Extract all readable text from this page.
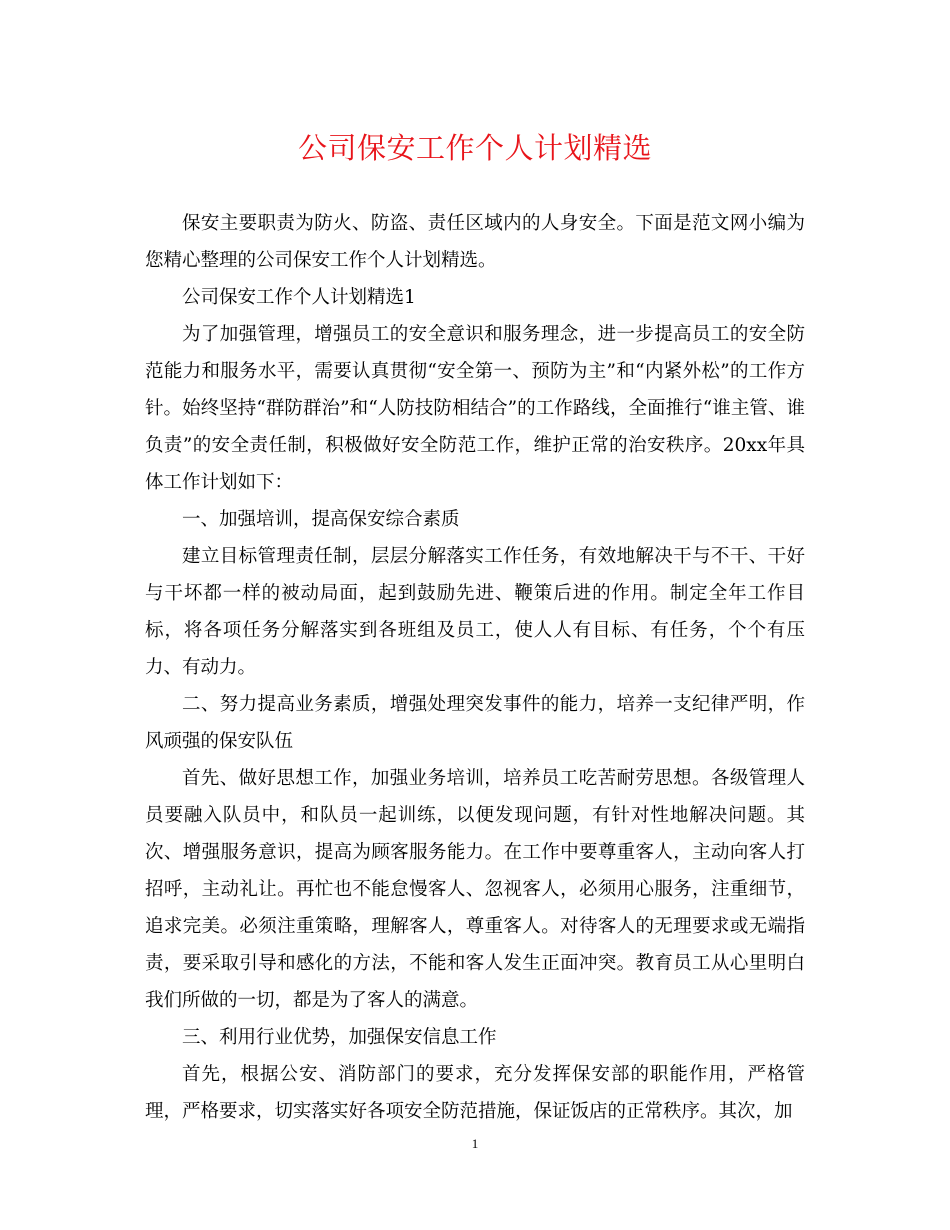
公司保安工作个人计划精选

保安主要职责为防火、防盗、责任区域内的人身安全。下面是范文网小编为您精心整理的公司保安工作个人计划精选。

公司保安工作个人计划精选1

为了加强管理，增强员工的安全意识和服务理念，进一步提高员工的安全防范能力和服务水平，需要认真贯彻“安全第一、预防为主”和“内紧外松”的工作方针。始终坚持“群防群治”和“人防技防相结合”的工作路线，全面推行“谁主管、谁负责”的安全责任制，积极做好安全防范工作，维护正常的治安秩序。20xx年具体工作计划如下：

一、加强培训，提高保安综合素质

建立目标管理责任制，层层分解落实工作任务，有效地解决干与不干、干好与干坏都一样的被动局面，起到鼓励先进、鞭策后进的作用。制定全年工作目标，将各项任务分解落实到各班组及员工，使人人有目标、有任务，个个有压力、有动力。

二、努力提高业务素质，增强处理突发事件的能力，培养一支纪律严明，作风顽强的保安队伍

首先、做好思想工作，加强业务培训，培养员工吃苦耐劳思想。各级管理人员要融入队员中，和队员一起训练，以便发现问题，有针对性地解决问题。其次、增强服务意识，提高为顾客服务能力。在工作中要尊重客人，主动向客人打招呼，主动礼让。再忙也不能怠慢客人、忽视客人，必须用心服务，注重细节，追求完美。必须注重策略，理解客人，尊重客人。对待客人的无理要求或无端指责，要采取引导和感化的方法，不能和客人发生正面冲突。教育员工从心里明白我们所做的一切，都是为了客人的满意。

三、利用行业优势，加强保安信息工作

首先，根据公安、消防部门的要求，充分发挥保安部的职能作用，严格管理，严格要求，切实落实好各项安全防范措施，保证饭店的正常秩序。其次，加

1
